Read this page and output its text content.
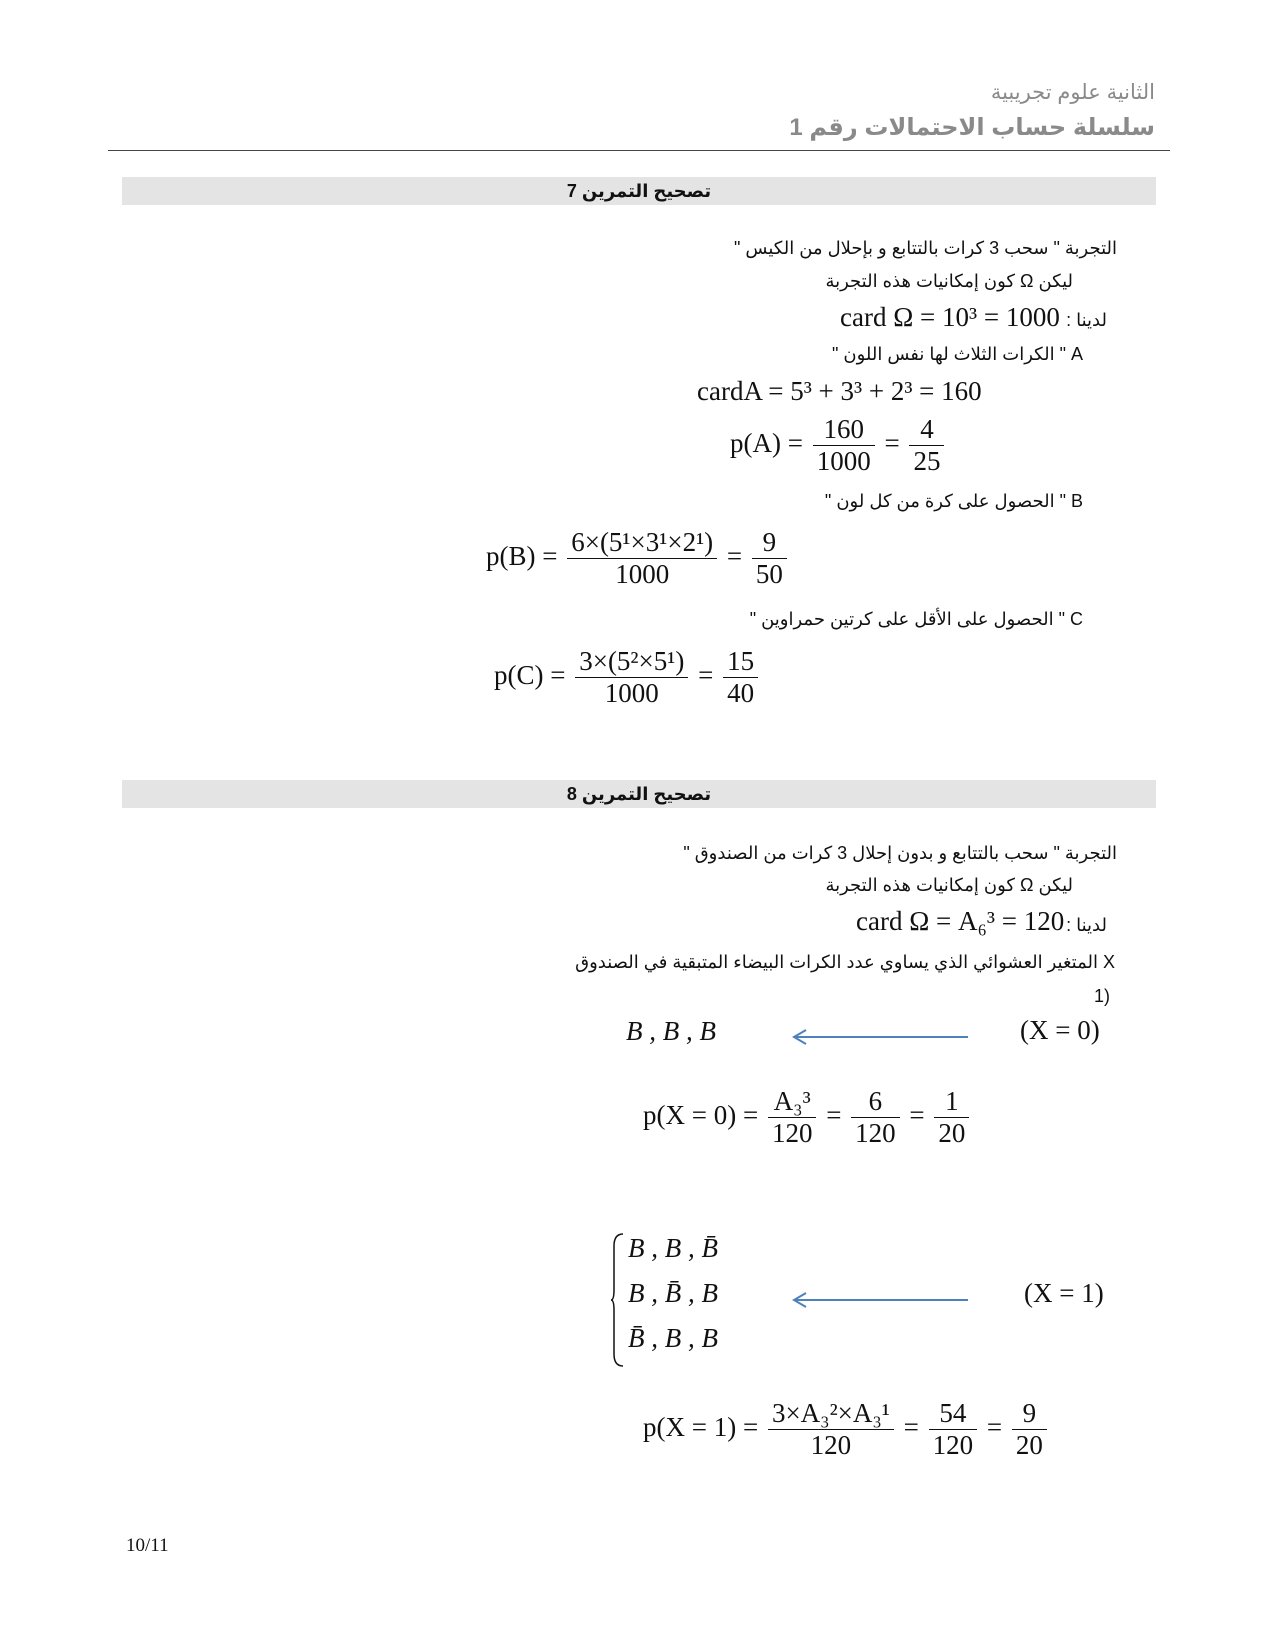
الثانية علوم تجريبية
سلسلة حساب الاحتمالات رقم 1
تصحيح التمرين 7
التجربة " سحب 3 كرات بالتتابع و بإحلال من الكيس "
ليكن Ω كون إمكانيات هذه التجربة
لدينا :
card Ω = 10³ = 1000
A " الكرات الثلاث لها نفس اللون "
cardA = 5³ + 3³ + 2³ = 160
$p(A) = \frac{160}{1000} = \frac{4}{25}$
B " الحصول على كرة من كل لون "
$p(B) = \frac{\text{6×(5¹×3¹×2¹)}}{1000} = \frac{9}{50}$
C " الحصول على الأقل على كرتين حمراوين "
$p(C) = \frac{\text{3×(5²×5¹)}}{1000} = \frac{15}{40}$
تصحيح التمرين 8
التجربة " سحب بالتتابع و بدون إحلال 3 كرات من الصندوق "
ليكن Ω كون إمكانيات هذه التجربة
لدينا :
card Ω = A₆³ = 120
X المتغير العشوائي الذي يساوي عدد الكرات البيضاء المتبقية في الصندوق
(1
B , B , B	(X = 0)
$p(X = 0) = \frac{\text{A₃³}}{120} = \frac{6}{120} = \frac{1}{20}$
B , B , B̄
B , B̄ , B
B̄ , B , B
(X = 1)
$p(X = 1) = \frac{\text{3×A₃²×A₃¹}}{120} = \frac{54}{120} = \frac{9}{20}$
10/11
